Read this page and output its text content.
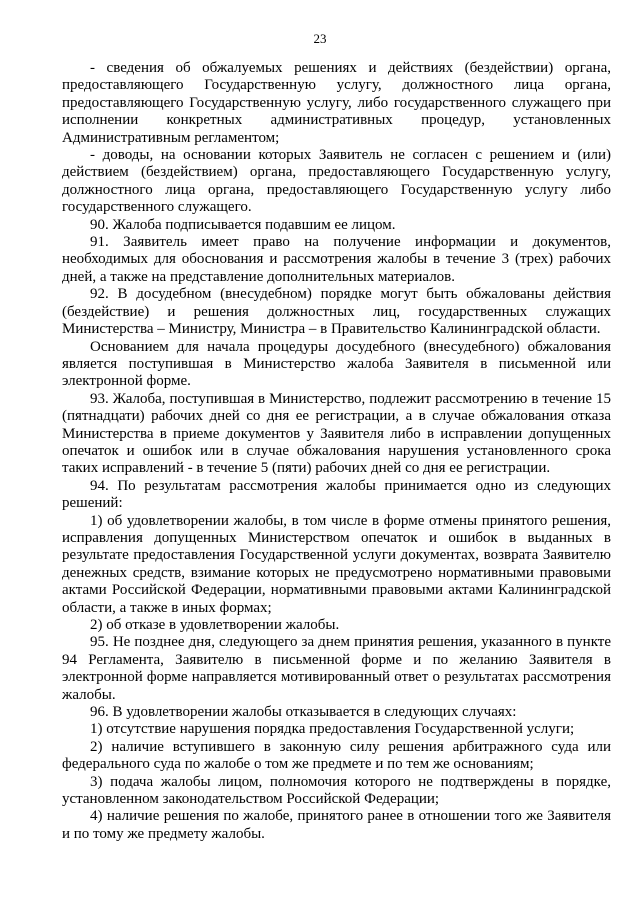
23

- сведения об обжалуемых решениях и действиях (бездействии) органа, предоставляющего Государственную услугу, должностного лица органа, предоставляющего Государственную услугу, либо государственного служащего при исполнении конкретных административных процедур, установленных Административным регламентом;

- доводы, на основании которых Заявитель не согласен с решением и (или) действием (бездействием) органа, предоставляющего Государственную услугу, должностного лица органа, предоставляющего Государственную услугу либо государственного служащего.

90. Жалоба подписывается подавшим ее лицом.

91. Заявитель имеет право на получение информации и документов, необходимых для обоснования и рассмотрения жалобы в течение 3 (трех) рабочих дней, а также на представление дополнительных материалов.

92. В досудебном (внесудебном) порядке могут быть обжалованы действия (бездействие) и решения должностных лиц, государственных служащих Министерства – Министру, Министра – в Правительство Калининградской области.

Основанием для начала процедуры досудебного (внесудебного) обжалования является поступившая в Министерство жалоба Заявителя в письменной или электронной форме.

93. Жалоба, поступившая в Министерство, подлежит рассмотрению в течение 15 (пятнадцати) рабочих дней со дня ее регистрации, а в случае обжалования отказа Министерства в приеме документов у Заявителя либо в исправлении допущенных опечаток и ошибок или в случае обжалования нарушения установленного срока таких исправлений - в течение 5 (пяти) рабочих дней со дня ее регистрации.

94. По результатам рассмотрения жалобы принимается одно из следующих решений:

1) об удовлетворении жалобы, в том числе в форме отмены принятого решения, исправления допущенных Министерством опечаток и ошибок в выданных в результате предоставления Государственной услуги документах, возврата Заявителю денежных средств, взимание которых не предусмотрено нормативными правовыми актами Российской Федерации, нормативными правовыми актами Калининградской области, а также в иных формах;

2) об отказе в удовлетворении жалобы.

95. Не позднее дня, следующего за днем принятия решения, указанного в пункте 94 Регламента, Заявителю в письменной форме и по желанию Заявителя в электронной форме направляется мотивированный ответ о результатах рассмотрения жалобы.

96. В удовлетворении жалобы отказывается в следующих случаях:

1) отсутствие нарушения порядка предоставления Государственной услуги;

2) наличие вступившего в законную силу решения арбитражного суда или федерального суда по жалобе о том же предмете и по тем же основаниям;

3) подача жалобы лицом, полномочия которого не подтверждены в порядке, установленном законодательством Российской Федерации;

4) наличие решения по жалобе, принятого ранее в отношении того же Заявителя и по тому же предмету жалобы.
